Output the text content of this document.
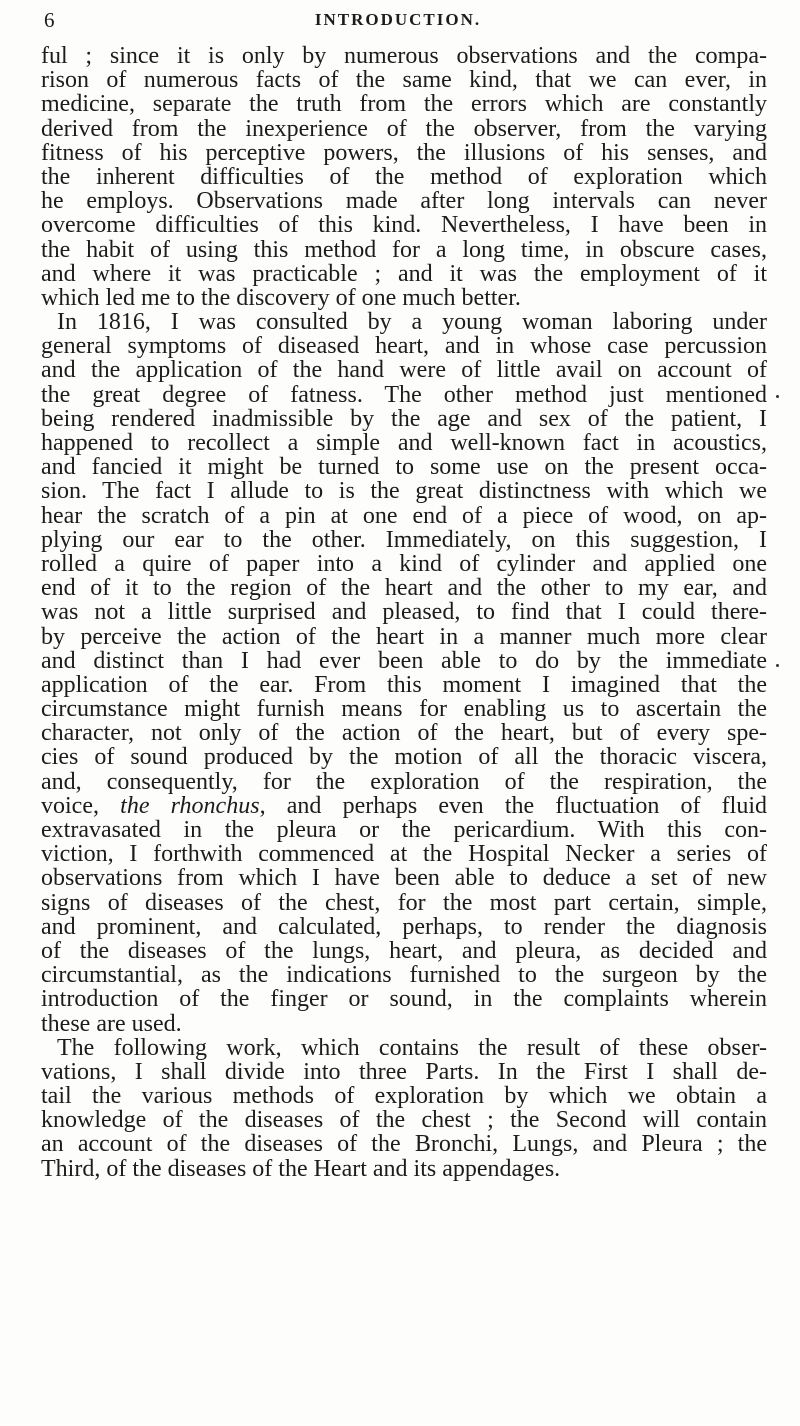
6	INTRODUCTION.
ful ; since it is only by numerous observations and the compa-
rison of numerous facts of the same kind, that we can ever, in
medicine, separate the truth from the errors which are constantly
derived from the inexperience of the observer, from the varying
fitness of his perceptive powers, the illusions of his senses, and
the inherent difficulties of the method of exploration which
he employs. Observations made after long intervals can never
overcome difficulties of this kind. Nevertheless, I have been in
the habit of using this method for a long time, in obscure cases,
and where it was practicable ; and it was the employment of it
which led me to the discovery of one much better.
In 1816, I was consulted by a young woman laboring under
general symptoms of diseased heart, and in whose case percussion
and the application of the hand were of little avail on account of
the great degree of fatness. The other method just mentioned
being rendered inadmissible by the age and sex of the patient, I
happened to recollect a simple and well-known fact in acoustics,
and fancied it might be turned to some use on the present occa-
sion. The fact I allude to is the great distinctness with which we
hear the scratch of a pin at one end of a piece of wood, on ap-
plying our ear to the other. Immediately, on this suggestion, I
rolled a quire of paper into a kind of cylinder and applied one
end of it to the region of the heart and the other to my ear, and
was not a little surprised and pleased, to find that I could there-
by perceive the action of the heart in a manner much more clear
and distinct than I had ever been able to do by the immediate
application of the ear. From this moment I imagined that the
circumstance might furnish means for enabling us to ascertain the
character, not only of the action of the heart, but of every spe-
cies of sound produced by the motion of all the thoracic viscera,
and, consequently, for the exploration of the respiration, the
voice, the rhonchus, and perhaps even the fluctuation of fluid
extravasated in the pleura or the pericardium. With this con-
viction, I forthwith commenced at the Hospital Necker a series of
observations from which I have been able to deduce a set of new
signs of diseases of the chest, for the most part certain, simple,
and prominent, and calculated, perhaps, to render the diagnosis
of the diseases of the lungs, heart, and pleura, as decided and
circumstantial, as the indications furnished to the surgeon by the
introduction of the finger or sound, in the complaints wherein
these are used.
The following work, which contains the result of these obser-
vations, I shall divide into three Parts. In the First I shall de-
tail the various methods of exploration by which we obtain a
knowledge of the diseases of the chest ; the Second will contain
an account of the diseases of the Bronchi, Lungs, and Pleura ; the
Third, of the diseases of the Heart and its appendages.
